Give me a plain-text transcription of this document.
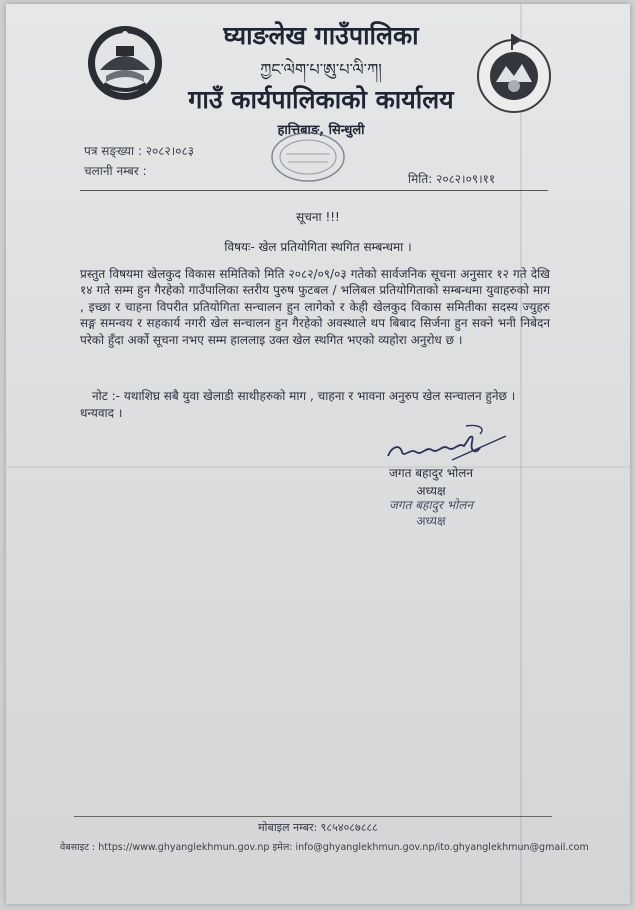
घ्याङलेख गाउँपालिका
ཀྱང་ལེག་པ་ཨུ་པ་ལི་ཀ།
गाउँ कार्यपालिकाको कार्यालय
हात्तिबाङ, सिन्धुली
पत्र सङ्ख्या : २०८२।०८३
चलानी नम्बर :
मिति: २०८२।०९।११
सूचना !!!
विषयः- खेल प्रतियोगिता स्थगित सम्बन्धमा ।
प्रस्तुत विषयमा खेलकुद विकास समितिको मिति २०८२/०९/०३ गतेको सार्वजनिक सूचना अनुसार १२ गते देखि १४ गते सम्म हुन गैरहेको गाउँपालिका स्तरीय पुरुष फुटबल / भलिबल प्रतियोगिताको सम्बन्धमा युवाहरुको माग , इच्छा र चाहना विपरीत प्रतियोगिता सन्चालन हुन लागेको र केही खेलकुद विकास समितीका सदस्य ज्युहरु सङ्ग समन्वय र सहकार्य नगरी खेल सन्चालन हुन गैरहेको अवस्थाले थप बिबाद सिर्जना हुन सक्ने भनी निबेदन परेको हुँदा अर्को सूचना नभए सम्म हाललाइ उक्त खेल स्थगित भएको व्यहोरा अनुरोध छ ।
नोट :- यथाशिघ्र सबै युवा खेलाडी साथीहरुको माग , चाहना र भावना अनुरुप खेल सन्चालन हुनेछ ।
धन्यवाद ।
जगत बहादुर भोलन
अध्यक्ष
जगत बहादुर भोलन
अध्यक्ष
मोबाइल नम्बर: ९८५४०८७८८८
वेबसाइट : https://www.ghyanglekhmun.gov.np इमेल: info@ghyanglekhmun.gov.np/ito.ghyanglekhmun@gmail.com
